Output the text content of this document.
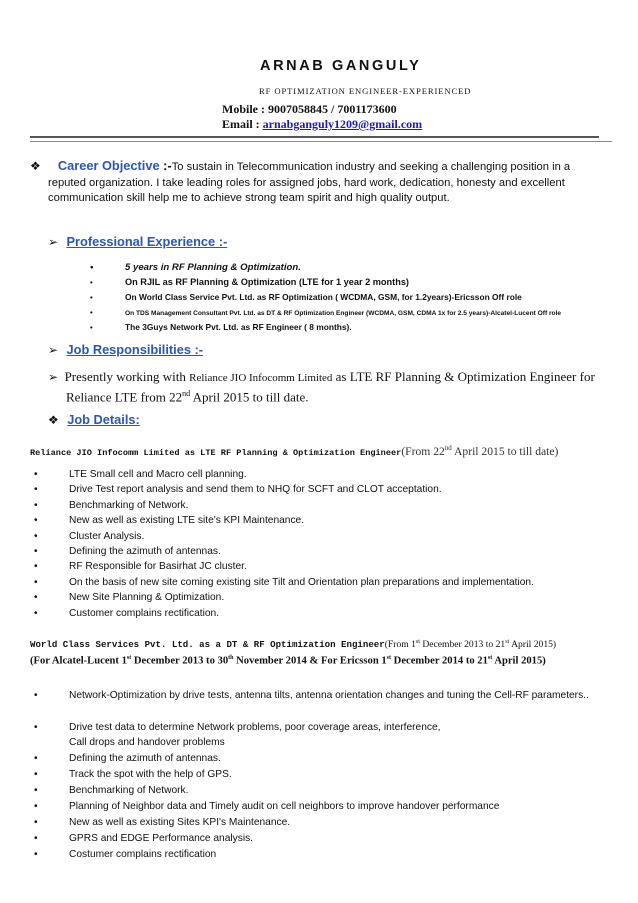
ARNAB GANGULY
RF OPTIMIZATION ENGINEER-EXPERIENCED
Mobile : 9007058845 / 7001173600
Email : arnabganguly1209@gmail.com
❖ Career Objective :-To sustain in Telecommunication industry and seeking a challenging position in a
reputed organization. I take leading roles for assigned jobs, hard work, dedication, honesty and excellent
communication skill help me to achieve strong team spirit and high quality output.
➢ Professional Experience :-
•	5 years in RF Planning & Optimization.
•	On RJIL as RF Planning & Optimization (LTE for 1 year 2 months)
•	On World Class Service Pvt. Ltd. as RF Optimization ( WCDMA, GSM, for 1.2years)-Ericsson Off role
•	On TDS Management Consultant Pvt. Ltd. as DT & RF Optimization Engineer (WCDMA, GSM, CDMA 1x for 2.5 years)-Alcatel-Lucent Off role
•	The 3Guys Network Pvt. Ltd. as RF Engineer ( 8 months).
➢ Job Responsibilities :-
➢ Presently working with Reliance JIO Infocomm Limited as LTE RF Planning & Optimization Engineer for
Reliance LTE from 22nd April 2015 to till date.
❖ Job Details:
Reliance JIO Infocomm Limited as LTE RF Planning & Optimization Engineer(From 22nd April 2015 to till date)
•	LTE Small cell and Macro cell planning.
•	Drive Test report analysis and send them to NHQ for SCFT and CLOT acceptation.
•	Benchmarking of Network.
•	New as well as existing LTE site's KPI Maintenance.
•	Cluster Analysis.
•	Defining the azimuth of antennas.
•	RF Responsible for Basirhat JC cluster.
•	On the basis of new site coming existing site Tilt and Orientation plan preparations and implementation.
•	New Site Planning & Optimization.
•	Customer complains rectification.
World Class Services Pvt. Ltd. as a DT & RF Optimization Engineer(From 1st December 2013 to 21st April 2015)
(For Alcatel-Lucent 1st December 2013 to 30th November 2014 & For Ericsson 1st December 2014 to 21st April 2015)
•	Network-Optimization by drive tests, antenna tilts, antenna orientation changes and tuning the Cell-RF parameters..
•	Drive test data to determine Network problems, poor coverage areas, interference,
Call drops and handover problems
•	Defining the azimuth of antennas.
•	Track the spot with the help of GPS.
•	Benchmarking of Network.
•	Planning of Neighbor data and Timely audit on cell neighbors to improve handover performance
•	New as well as existing Sites KPI's Maintenance.
•	GPRS and EDGE Performance analysis.
•	Costumer complains rectification
